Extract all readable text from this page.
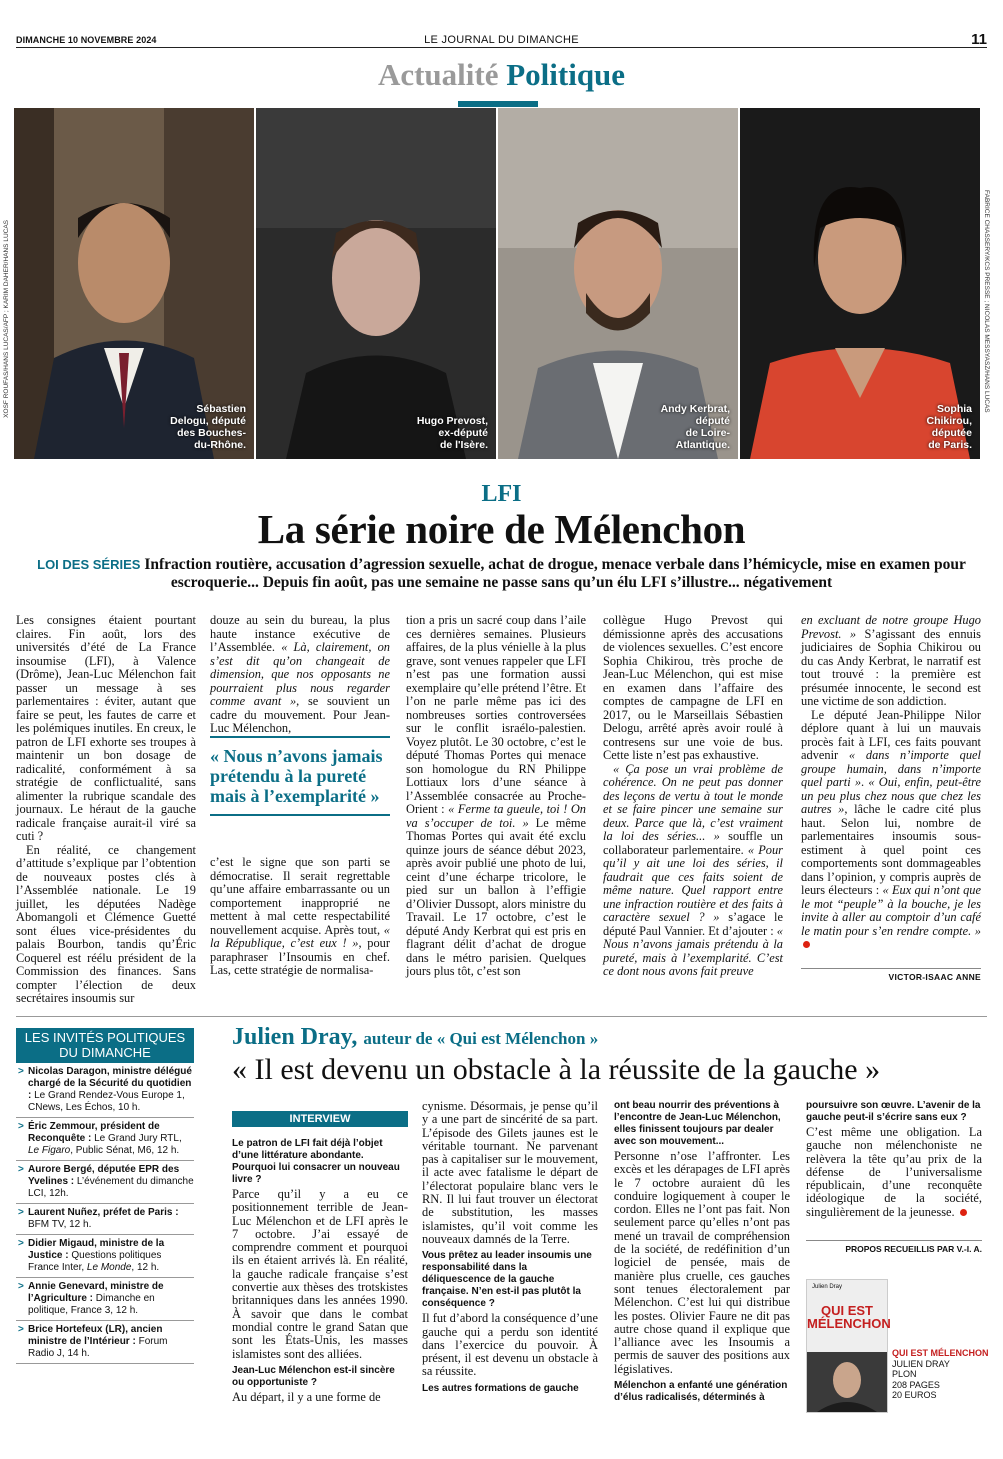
DIMANCHE 10 NOVEMBRE 2024	LE JOURNAL DU DIMANCHE	11
Actualité Politique
XOSF ROUFAS/HANS LUCAS/AFP ; KARIM DAHER/HANS LUCAS	FABRICE CHASSERY/KCS PRESSE ; NICOLAS MESSYASZ/HANS LUCAS
Sébastien
Delogu, député
des Bouches-
du-Rhône.
Hugo Prevost,
ex-député
de l'Isère.
Andy Kerbrat,
député
de Loire-
Atlantique.
Sophia
Chikirou,
députée
de Paris.
LFI
La série noire de Mélenchon
LOI DES SÉRIES Infraction routière, accusation d’agression sexuelle, achat de drogue, menace verbale dans l’hémicycle, mise en examen pour escroquerie... Depuis fin août, pas une semaine ne passe sans qu’un élu LFI s’illustre... négativement

Les consignes étaient pourtant claires. Fin août, lors des universités d’été de La France insoumise (LFI), à Valence (Drôme), Jean-Luc Mélenchon fait passer un message à ses parlementaires : éviter, autant que faire se peut, les fautes de carre et les polémiques inutiles. En creux, le patron de LFI exhorte ses troupes à maintenir un bon dosage de radicalité, conformément à sa stratégie de conflictualité, sans alimenter la rubrique scandale des journaux. Le héraut de la gauche radicale française aurait-il viré sa cuti ?

En réalité, ce changement d’attitude s’explique par l’obtention de nouveaux postes clés à l’Assemblée nationale. Le 19 juillet, les députées Nadège Abomangoli et Clémence Guetté sont élues vice-présidentes du palais Bourbon, tandis qu’Éric Coquerel est réélu président de la Commission des finances. Sans compter l’élection de deux secrétaires insoumis sur

douze au sein du bureau, la plus haute instance exécutive de l’Assemblée. « Là, clairement, on s’est dit qu’on changeait de dimension, que nos opposants ne pourraient plus nous regarder comme avant », se souvient un cadre du mouvement. Pour Jean-Luc Mélenchon,

« Nous n’avons jamais prétendu à la pureté mais à l’exemplarité »

c’est le signe que son parti se démocratise. Il serait regrettable qu’une affaire embarrassante ou un comportement inapproprié ne mettent à mal cette respectabilité nouvellement acquise. Après tout, « la République, c’est eux ! », pour paraphraser l’Insoumis en chef. Las, cette stratégie de normalisa-

tion a pris un sacré coup dans l’aile ces dernières semaines. Plusieurs affaires, de la plus vénielle à la plus grave, sont venues rappeler que LFI n’est pas une formation aussi exemplaire qu’elle prétend l’être. Et l’on ne parle même pas ici des nombreuses sorties controversées sur le conflit israélo-palestien. Voyez plutôt. Le 30 octobre, c’est le député Thomas Portes qui menace son homologue du RN Philippe Lottiaux lors d’une séance à l’Assemblée consacrée au Proche-Orient : « Ferme ta gueule, toi ! On va s’occuper de toi. » Le même Thomas Portes qui avait été exclu quinze jours de séance début 2023, après avoir publié une photo de lui, ceint d’une écharpe tricolore, le pied sur un ballon à l’effigie d’Olivier Dussopt, alors ministre du Travail. Le 17 octobre, c’est le député Andy Kerbrat qui est pris en flagrant délit d’achat de drogue dans le métro parisien. Quelques jours plus tôt, c’est son

collègue Hugo Prevost qui démissionne après des accusations de violences sexuelles. C’est encore Sophia Chikirou, très proche de Jean-Luc Mélenchon, qui est mise en examen dans l’affaire des comptes de campagne de LFI en 2017, ou le Marseillais Sébastien Delogu, arrêté après avoir roulé à contresens sur une voie de bus. Cette liste n’est pas exhaustive.

« Ça pose un vrai problème de cohérence. On ne peut pas donner des leçons de vertu à tout le monde et se faire pincer une semaine sur deux. Parce que là, c’est vraiment la loi des séries... » souffle un collaborateur parlementaire. « Pour qu’il y ait une loi des séries, il faudrait que ces faits soient de même nature. Quel rapport entre une infraction routière et des faits à caractère sexuel ? » s’agace le député Paul Vannier. Et d’ajouter : « Nous n’avons jamais prétendu à la pureté, mais à l’exemplarité. C’est ce dont nous avons fait preuve

en excluant de notre groupe Hugo Prevost. » S’agissant des ennuis judiciaires de Sophia Chikirou ou du cas Andy Kerbrat, le narratif est tout trouvé : la première est présumée innocente, le second est une victime de son addiction.

Le député Jean-Philippe Nilor déplore quant à lui un mauvais procès fait à LFI, ces faits pouvant advenir « dans n’importe quel groupe humain, dans n’importe quel parti ». « Oui, enfin, peut-être un peu plus chez nous que chez les autres », lâche le cadre cité plus haut. Selon lui, nombre de parlementaires insoumis sous-estiment à quel point ces comportements sont dommageables dans l’opinion, y compris auprès de leurs électeurs : « Eux qui n’ont que le mot “peuple” à la bouche, je les invite à aller au comptoir d’un café le matin pour s’en rendre compte. »

VICTOR-ISAAC ANNE
LES INVITÉS POLITIQUES
DU DIMANCHE
> Nicolas Daragon, ministre délégué chargé de la Sécurité du quotidien : Le Grand Rendez-Vous Europe 1, CNews, Les Échos, 10 h.
> Éric Zemmour, président de Reconquête : Le Grand Jury RTL, Le Figaro, Public Sénat, M6, 12 h.
> Aurore Bergé, députée EPR des Yvelines : L’événement du dimanche LCI, 12h.
> Laurent Nuñez, préfet de Paris : BFM TV, 12 h.
> Didier Migaud, ministre de la Justice : Questions politiques France Inter, Le Monde, 12 h.
> Annie Genevard, ministre de l’Agriculture : Dimanche en politique, France 3, 12 h.
> Brice Hortefeux (LR), ancien ministre de l’Intérieur : Forum Radio J, 14 h.
Julien Dray, auteur de « Qui est Mélenchon »
« Il est devenu un obstacle à la réussite de la gauche »
INTERVIEW
Le patron de LFI fait déjà l’objet d’une littérature abondante. Pourquoi lui consacrer un nouveau livre ?
Parce qu’il y a eu ce positionnement terrible de Jean-Luc Mélenchon et de LFI après le 7 octobre. J’ai essayé de comprendre comment et pourquoi ils en étaient arrivés là. En réalité, la gauche radicale française s’est convertie aux thèses des trotskistes britanniques dans les années 1990. À savoir que dans le combat mondial contre le grand Satan que sont les États-Unis, les masses islamistes sont des alliées.
Jean-Luc Mélenchon est-il sincère ou opportuniste ?
Au départ, il y a une forme de
cynisme. Désormais, je pense qu’il y a une part de sincérité de sa part. L’épisode des Gilets jaunes est le véritable tournant. Ne parvenant pas à capitaliser sur le mouvement, il acte avec fatalisme le départ de l’électorat populaire blanc vers le RN. Il lui faut trouver un électorat de substitution, les masses islamistes, qu’il voit comme les nouveaux damnés de la Terre.
Vous prêtez au leader insoumis une responsabilité dans la déliquescence de la gauche française. N’en est-il pas plutôt la conséquence ?
Il fut d’abord la conséquence d’une gauche qui a perdu son identité dans l’exercice du pouvoir. À présent, il est devenu un obstacle à sa réussite.
Les autres formations de gauche
ont beau nourrir des préventions à l’encontre de Jean-Luc Mélenchon, elles finissent toujours par dealer avec son mouvement...
Personne n’ose l’affronter. Les excès et les dérapages de LFI après le 7 octobre auraient dû les conduire logiquement à couper le cordon. Elles ne l’ont pas fait. Non seulement parce qu’elles n’ont pas mené un travail de compréhension de la société, de redéfinition d’un logiciel de pensée, mais de manière plus cruelle, ces gauches sont tenues électoralement par Mélenchon. C’est lui qui distribue les postes. Olivier Faure ne dit pas autre chose quand il explique que l’alliance avec les Insoumis a permis de sauver des positions aux législatives.
Mélenchon a enfanté une génération d’élus radicalisés, déterminés à
poursuivre son œuvre. L’avenir de la gauche peut-il s’écrire sans eux ?
C’est même une obligation. La gauche non mélenchoniste ne relèvera la tête qu’au prix de la défense de l’universalisme républicain, d’une reconquête idéologique de la société, singulièrement de la jeunesse.
PROPOS RECUEILLIS PAR V.-I. A.
Julien Dray
QUI EST MÉLENCHON
QUI EST MÉLENCHON
JULIEN DRAY
PLON
208 PAGES
20 EUROS
